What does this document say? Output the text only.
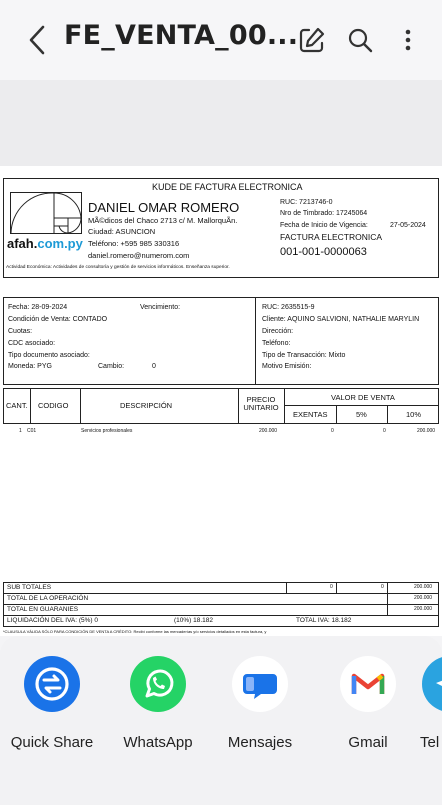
FE_VENTA_00...
KUDE DE FACTURA ELECTRONICA
afah.com.py
DANIEL OMAR ROMERO
MÃ©dicos del Chaco 2713 c/ M. MallorquÃn.
Ciudad: ASUNCION
Teléfono: +595 985 330316
daniel.romero@numerom.com
Actividad Económica: Actividades de consultoría y gestión de servicios informáticos. Enseñanza superior.
RUC: 7213746-0
Nro de Timbrado: 17245064
Fecha de Inicio de Vigencia:	27-05-2024
FACTURA ELECTRONICA
001-001-0000063
Fecha: 28-09-2024	Vencimiento:
Condición de Venta: CONTADO
Cuotas:
CDC asociado:
Tipo documento asociado:
Moneda: PYG	Cambio:	0
RUC: 2635515-9
Cliente: AQUINO SALVIONI, NATHALIE MARYLIN
Dirección:
Teléfono:
Tipo de Transacción: Mixto
Motivo Emisión:
CANT. CODIGO	DESCRIPCIÓN
PRECIO UNITARIO
VALOR DE VENTA
EXENTAS	5%	10%
1 C01	Servicios profesionales	200.000	0	0	200.000
SUB TOTALES	0	0	200.000
TOTAL DE LA OPERACIÓN	200.000
TOTAL EN GUARANIES	200.000
LIQUIDACIÓN DEL IVA: (5%) 0	(10%) 18.182	TOTAL IVA: 18.182
*CLAUSULA VÁLIDA SÓLO PARA CONDICIÓN DE VENTA A CRÉDITO: Recibí conforme las mercaderías y/o servicios detallados en esta factura, y
Quick Share	WhatsApp	Mensajes	Gmail	Tel
